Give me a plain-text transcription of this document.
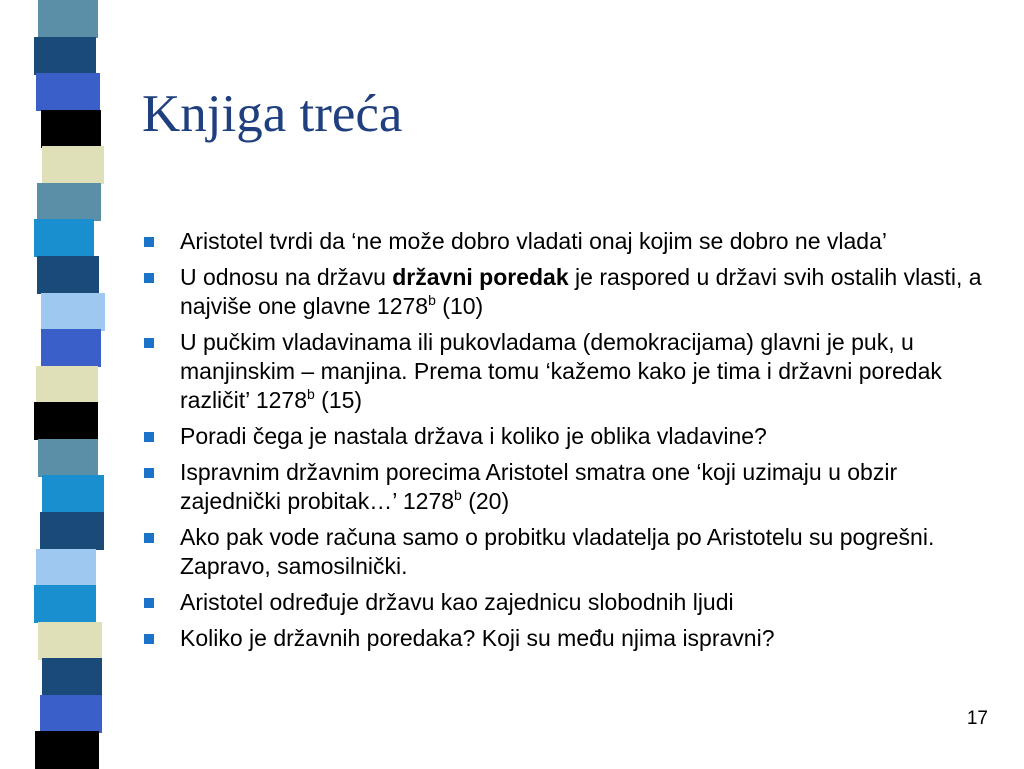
Knjiga treća
Aristotel tvrdi da ‘ne može dobro vladati onaj kojim se dobro ne vlada’
U odnosu na državu državni poredak je raspored u državi svih ostalih vlasti, a najviše one glavne 1278$^b$ (10)
U pučkim vladavinama ili pukovladama (demokracijama) glavni je puk, u manjinskim – manjina. Prema tomu ‘kažemo kako je tima i državni poredak različit’ 1278$^b$ (15)
Poradi čega je nastala država i koliko je oblika vladavine?
Ispravnim državnim porecima Aristotel smatra one ‘koji uzimaju u obzir zajednički probitak…’ 1278$^b$ (20)
Ako pak vode računa samo o probitku vladatelja po Aristotelu su pogrešni. Zapravo, samosilnički.
Aristotel određuje državu kao zajednicu slobodnih ljudi
Koliko je državnih poredaka? Koji su među njima ispravni?
17
